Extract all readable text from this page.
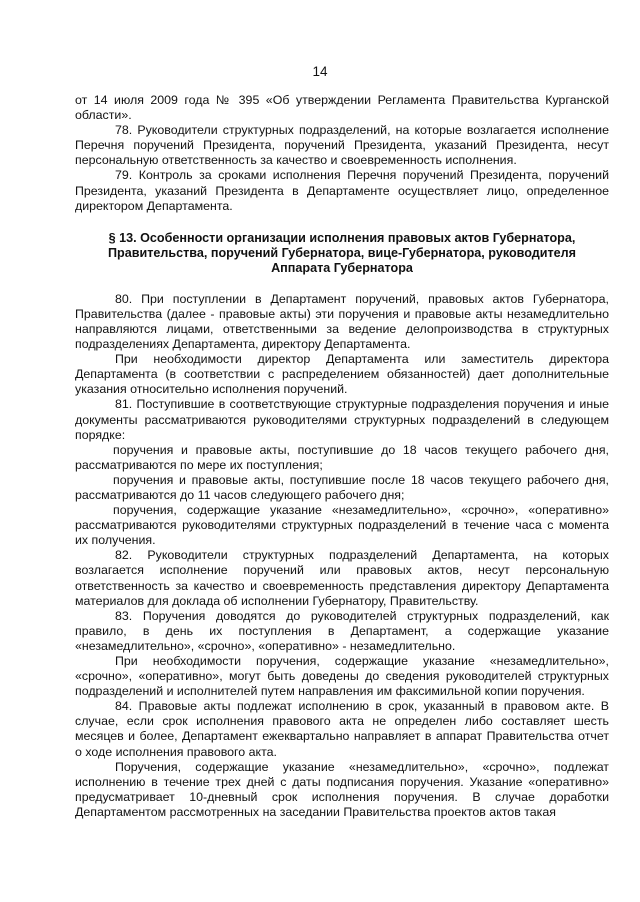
14

от 14 июля 2009 года № 395 «Об утверждении Регламента Правительства Курганской области».

78. Руководители структурных подразделений, на которые возлагается исполнение Перечня поручений Президента, поручений Президента, указаний Президента, несут персональную ответственность за качество и своевременность исполнения.

79. Контроль за сроками исполнения Перечня поручений Президента, поручений Президента, указаний Президента в Департаменте осуществляет лицо, определенное директором Департамента.

§ 13. Особенности организации исполнения правовых актов Губернатора, Правительства, поручений Губернатора, вице-Губернатора, руководителя Аппарата Губернатора

80. При поступлении в Департамент поручений, правовых актов Губернатора, Правительства (далее - правовые акты) эти поручения и правовые акты незамедлительно направляются лицами, ответственными за ведение делопроизводства в структурных подразделениях Департамента, директору Департамента.

При необходимости директор Департамента или заместитель директора Департамента (в соответствии с распределением обязанностей) дает дополнительные указания относительно исполнения поручений.

81. Поступившие в соответствующие структурные подразделения поручения и иные документы рассматриваются руководителями структурных подразделений в следующем порядке:

поручения и правовые акты, поступившие до 18 часов текущего рабочего дня, рассматриваются по мере их поступления;

поручения и правовые акты, поступившие после 18 часов текущего рабочего дня, рассматриваются до 11 часов следующего рабочего дня;

поручения, содержащие указание «незамедлительно», «срочно», «оперативно» рассматриваются руководителями структурных подразделений в течение часа с момента их получения.

82. Руководители структурных подразделений Департамента, на которых возлагается исполнение поручений или правовых актов, несут персональную ответственность за качество и своевременность представления директору Департамента материалов для доклада об исполнении Губернатору, Правительству.

83. Поручения доводятся до руководителей структурных подразделений, как правило, в день их поступления в Департамент, а содержащие указание «незамедлительно», «срочно», «оперативно» - незамедлительно.

При необходимости поручения, содержащие указание «незамедлительно», «срочно», «оперативно», могут быть доведены до сведения руководителей структурных подразделений и исполнителей путем направления им факсимильной копии поручения.

84. Правовые акты подлежат исполнению в срок, указанный в правовом акте. В случае, если срок исполнения правового акта не определен либо составляет шесть месяцев и более, Департамент ежеквартально направляет в аппарат Правительства отчет о ходе исполнения правового акта.

Поручения, содержащие указание «незамедлительно», «срочно», подлежат исполнению в течение трех дней с даты подписания поручения. Указание «оперативно» предусматривает 10-дневный срок исполнения поручения. В случае доработки Департаментом рассмотренных на заседании Правительства проектов актов такая
